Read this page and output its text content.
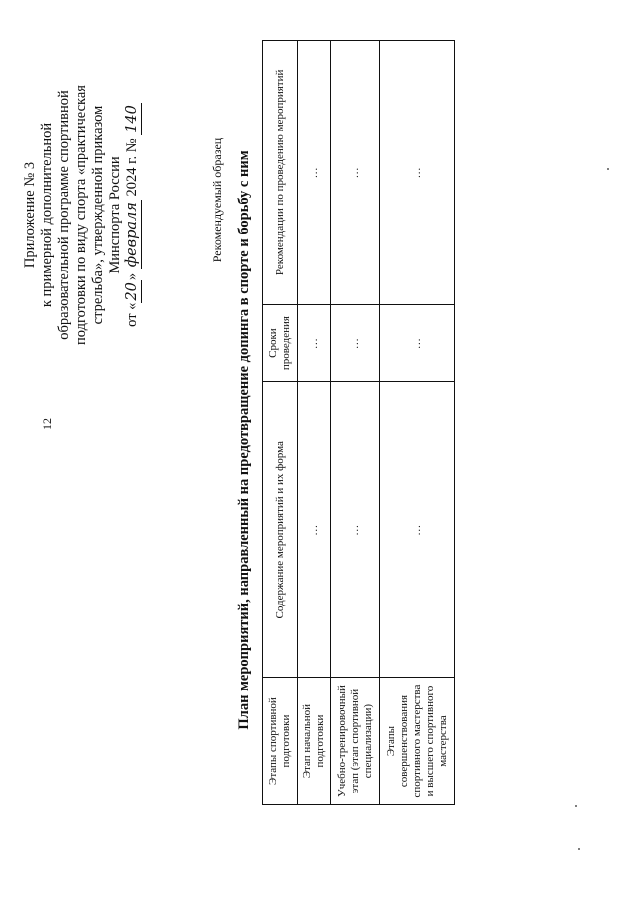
12
Приложение № 3 к примерной дополнительной образовательной программе спортивной подготовки по виду спорта «практическая стрельба», утвержденной приказом Минспорта России
от «20» февраля 2024 г. № 140
Рекомендуемый образец План мероприятий, направленный на предотвращение допинга в спорте и борьбу с ним
Этапы спортивной подготовки	Содержание мероприятий и их форма	Сроки проведения	Рекомендации по проведению мероприятий
Этап начальной подготовки	…	…	…
Учебно-тренировочный этап (этап спортивной специализации)	…	…	…
Этапы совершенствования спортивного мастерства и высшего спортивного мастерства	…	…	…
